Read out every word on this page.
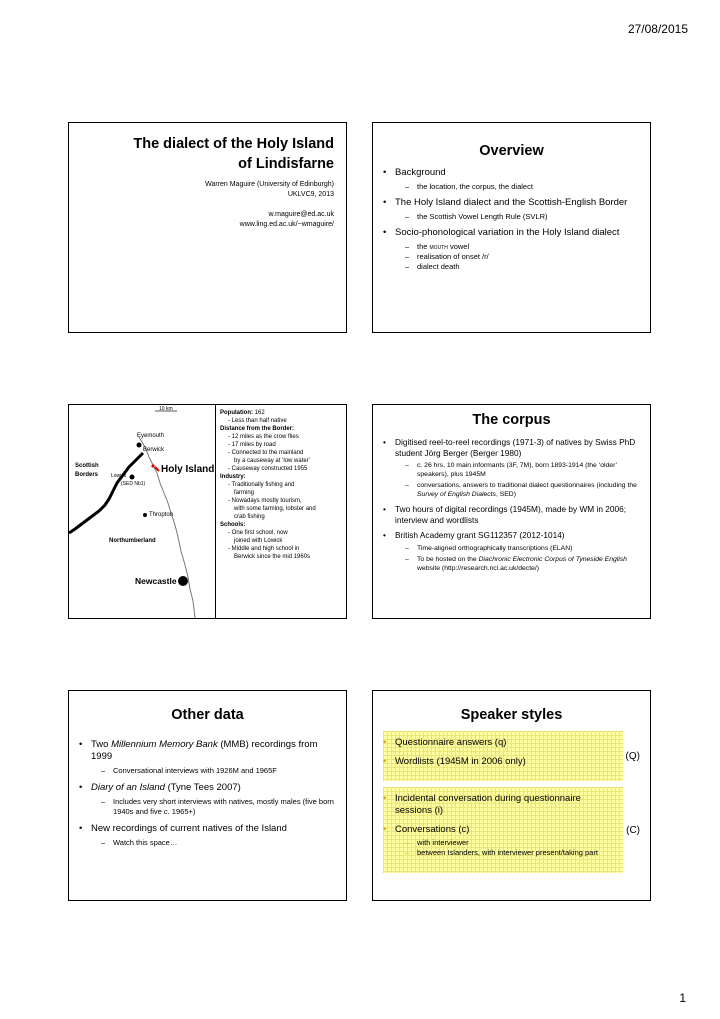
27/08/2015
The dialect of the Holy Island
of Lindisfarne
Warren Maguire (University of Edinburgh)
UKLVC9, 2013
w.maguire@ed.ac.uk
www.ling.ed.ac.uk/~wmaguire/
Overview
• Background
– the location, the corpus, the dialect
• The Holy Island dialect and the Scottish-English Border
– the Scottish Vowel Length Rule (SVLR)
• Socio-phonological variation in the Holy Island dialect
– the mouth vowel
– realisation of onset /r/
– dialect death
10 km
Eyemouth
Berwick
Scottish
Borders	Holy Island
Lowick
(SED Nb1)
Thropton
Northumberland
Newcastle
Population: 162
- Less than half native
Distance from the Border:
- 12 miles as the crow flies
- 17 miles by road
- Connected to the mainland
by a causeway at ‘low water’
- Causeway constructed 1955
Industry:
- Traditionally fishing and
farming
- Nowadays mostly tourism,
with some farming, lobster and
crab fishing
Schools:
- One first school, now
joined with Lowick
- Middle and high school in
Berwick since the mid 1960s
The corpus
• Digitised reel-to-reel recordings (1971-3) of natives by Swiss PhD student Jörg Berger (Berger 1980)
– c. 26 hrs, 10 main informants (3F, 7M), born 1893-1914 (the ‘older’ speakers), plus 1945M
– conversations, answers to traditional dialect questionnaires (including the Survey of English Dialects, SED)
• Two hours of digital recordings (1945M), made by WM in 2006; interview and wordlists
• British Academy grant SG112357 (2012-1014)
– Time-aligned orthographically transcriptions (ELAN)
– To be hosted on the Diachronic Electronic Corpus of Tyneside English website (http://research.ncl.ac.uk/decte/)
Other data
• Two Millennium Memory Bank (MMB) recordings from 1999
– Conversational interviews with 1926M and 1965F
• Diary of an Island (Tyne Tees 2007)
– Includes very short interviews with natives, mostly males (five born 1940s and five c. 1965+)
• New recordings of current natives of the Island
– Watch this space…
Speaker styles
• Questionnaire answers (q)
• Wordlists (1945M in 2006 only)	(Q)
• Incidental conversation during questionnaire sessions (i)
• Conversations (c)
– with interviewer
– between Islanders, with interviewer present/taking part
(C)
1
